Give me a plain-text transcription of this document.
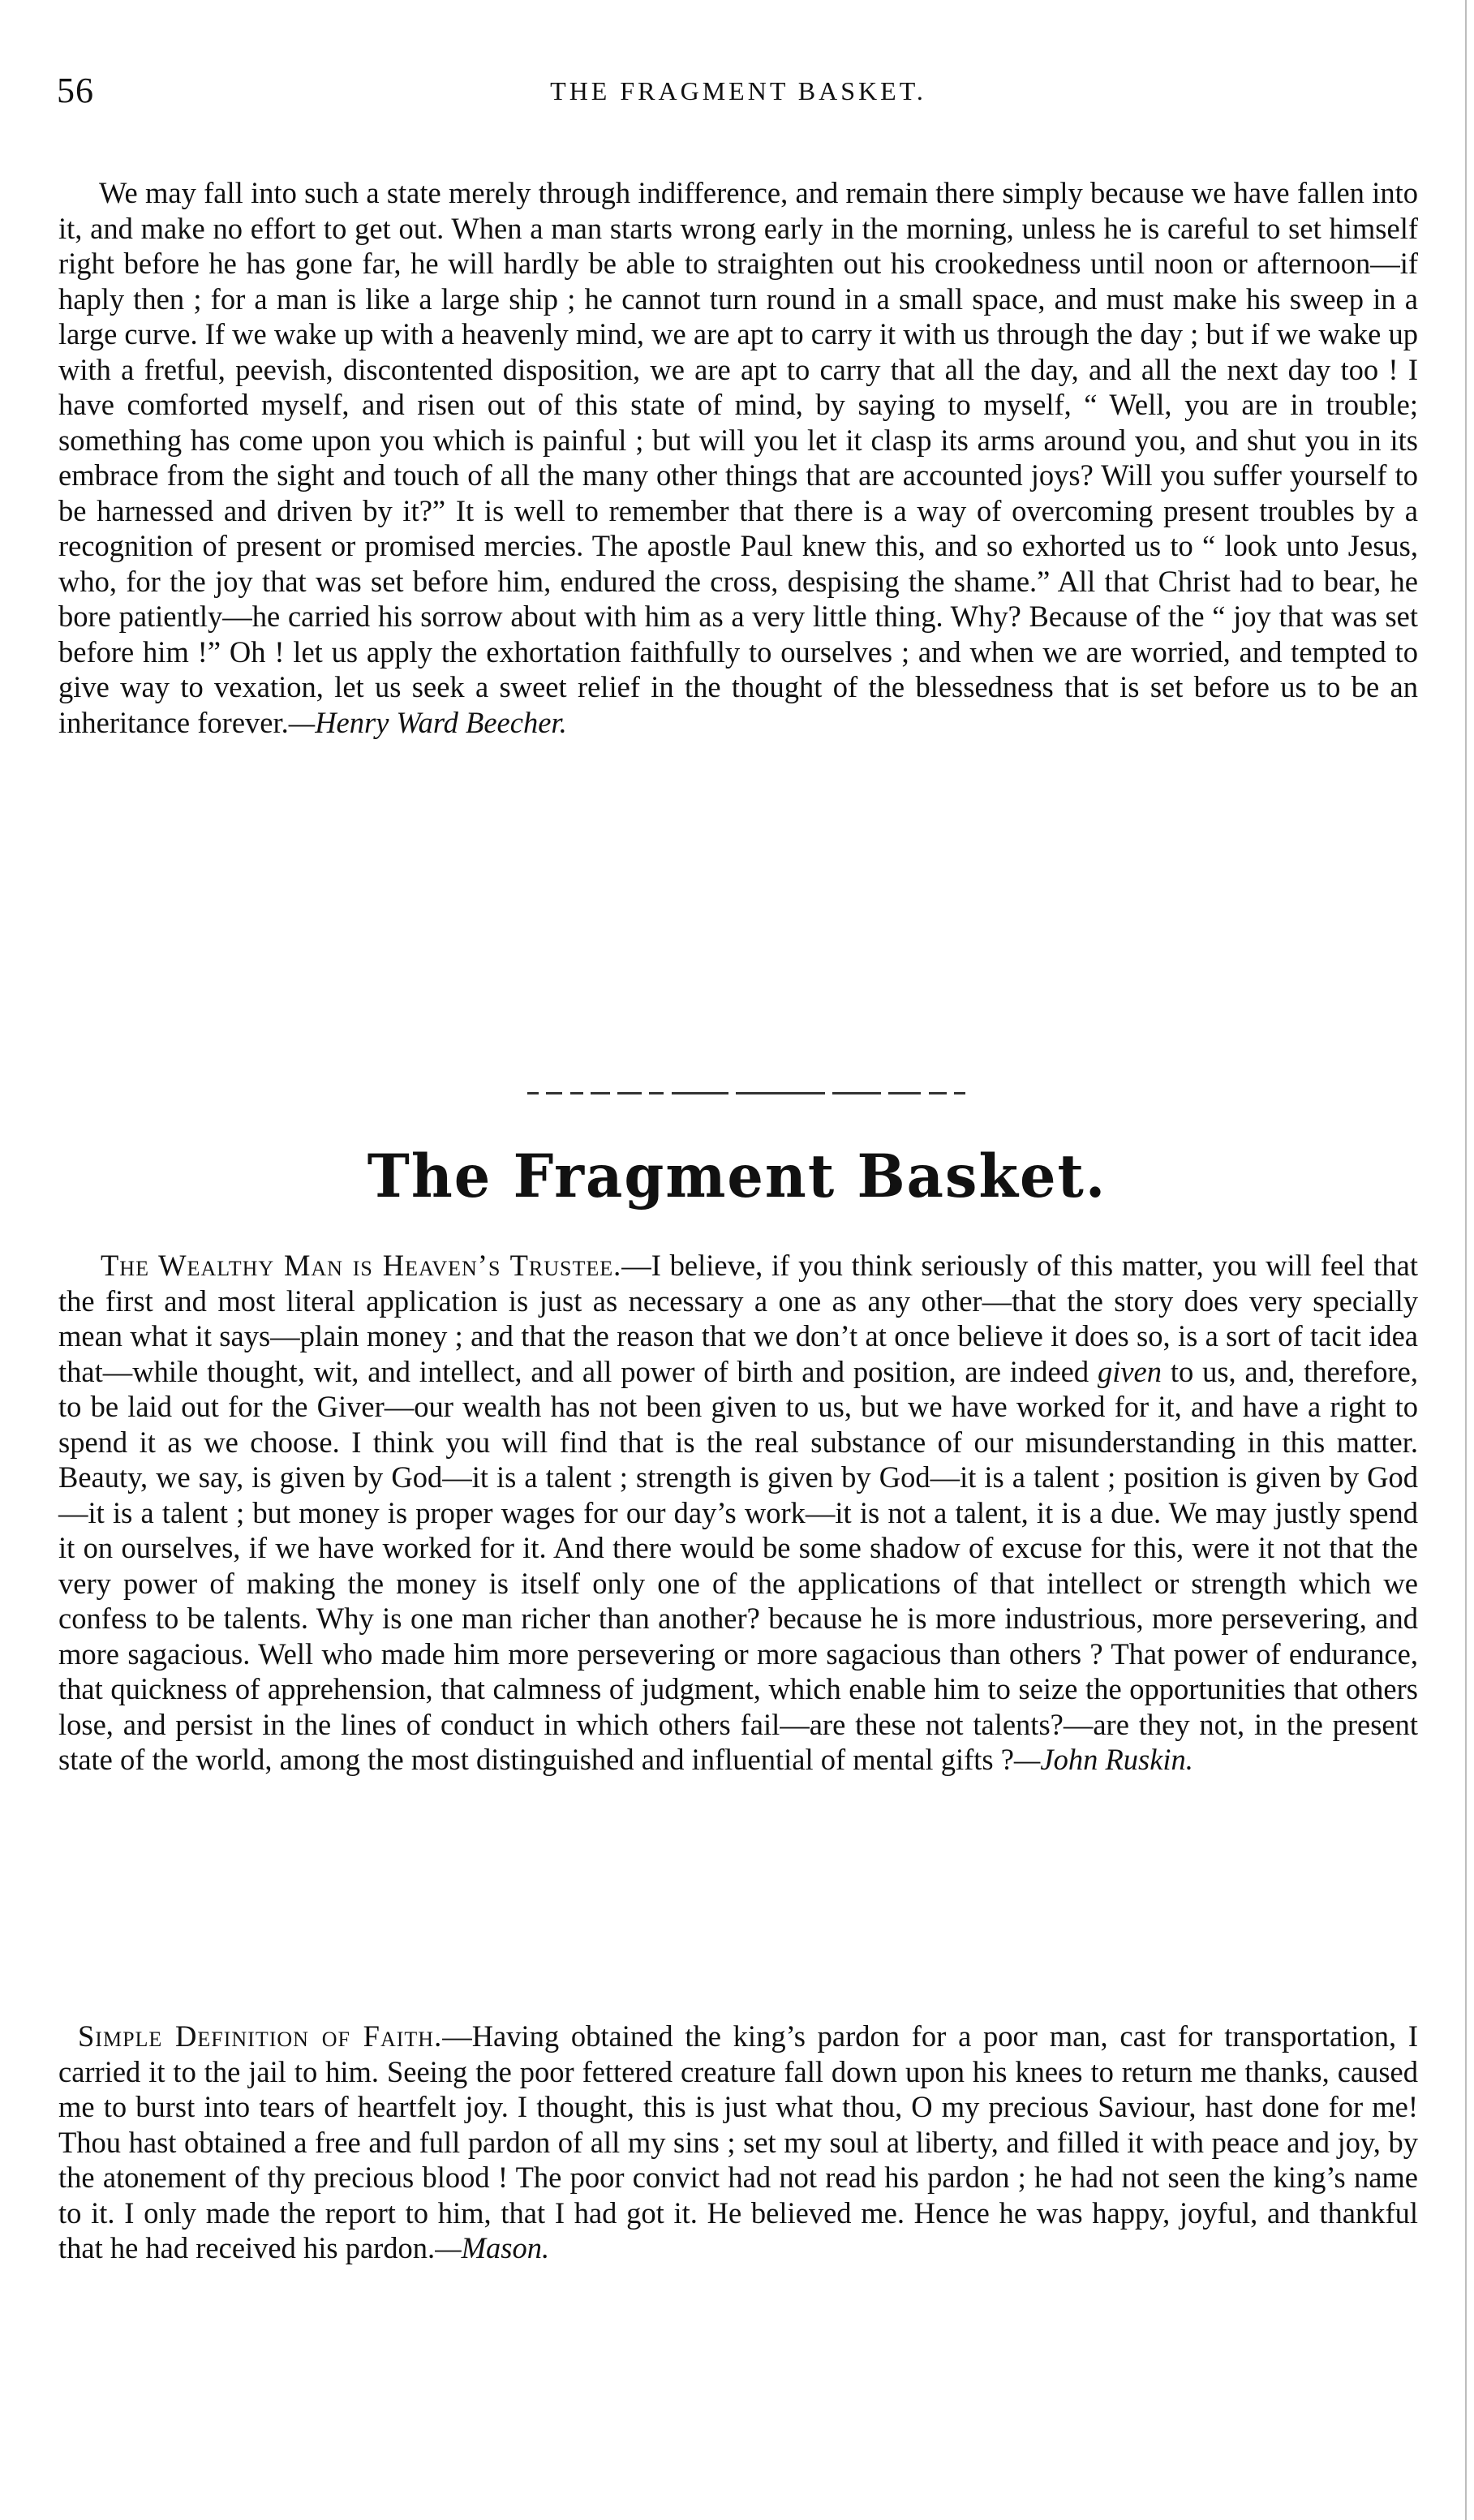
56	THE FRAGMENT BASKET.

We may fall into such a state merely through indifference, and remain there simply because we have fallen into it, and make no effort to get out. When a man starts wrong early in the morning, unless he is careful to set himself right before he has gone far, he will hardly be able to straighten out his crookedness until noon or afternoon—if haply then ; for a man is like a large ship ; he cannot turn round in a small space, and must make his sweep in a large curve. If we wake up with a heavenly mind, we are apt to carry it with us through the day ; but if we wake up with a fretful, peevish, discontented disposition, we are apt to carry that all the day, and all the next day too ! I have comforted myself, and risen out of this state of mind, by saying to myself, “ Well, you are in trouble; something has come upon you which is painful ; but will you let it clasp its arms around you, and shut you in its embrace from the sight and touch of all the many other things that are accounted joys? Will you suffer yourself to be harnessed and driven by it?” It is well to remember that there is a way of overcoming present troubles by a recognition of present or promised mercies. The apostle Paul knew this, and so exhorted us to “ look unto Jesus, who, for the joy that was set before him, endured the cross, despising the shame.” All that Christ had to bear, he bore patiently—he carried his sorrow about with him as a very little thing. Why? Because of the “ joy that was set before him !” Oh ! let us apply the exhortation faithfully to ourselves ; and when we are worried, and tempted to give way to vexation, let us seek a sweet relief in the thought of the blessedness that is set before us to be an inheritance forever.—Henry Ward Beecher.

The Fragment Basket.

The Wealthy Man is Heaven’s Trustee.—I believe, if you think seriously of this matter, you will feel that the first and most literal application is just as necessary a one as any other—that the story does very specially mean what it says—plain money ; and that the reason that we don’t at once believe it does so, is a sort of tacit idea that—while thought, wit, and intellect, and all power of birth and position, are indeed given to us, and, therefore, to be laid out for the Giver—our wealth has not been given to us, but we have worked for it, and have a right to spend it as we choose. I think you will find that is the real substance of our misunderstanding in this matter. Beauty, we say, is given by God—it is a talent ; strength is given by God—it is a talent ; position is given by God—it is a talent ; but money is proper wages for our day’s work—it is not a talent, it is a due. We may justly spend it on ourselves, if we have worked for it. And there would be some shadow of excuse for this, were it not that the very power of making the money is itself only one of the applications of that intellect or strength which we confess to be talents. Why is one man richer than another? because he is more industrious, more persevering, and more sagacious. Well who made him more persevering or more sagacious than others ? That power of endurance, that quickness of apprehension, that calmness of judgment, which enable him to seize the opportunities that others lose, and persist in the lines of conduct in which others fail—are these not talents?—are they not, in the present state of the world, among the most distinguished and influential of mental gifts ?—John Ruskin.

Simple Definition of Faith.—Having obtained the king’s pardon for a poor man, cast for transportation, I carried it to the jail to him. Seeing the poor fettered creature fall down upon his knees to return me thanks, caused me to burst into tears of heartfelt joy. I thought, this is just what thou, O my precious Saviour, hast done for me! Thou hast obtained a free and full pardon of all my sins ; set my soul at liberty, and filled it with peace and joy, by the atonement of thy precious blood ! The poor convict had not read his pardon ; he had not seen the king’s name to it. I only made the report to him, that I had got it. He believed me. Hence he was happy, joyful, and thankful that he had received his pardon.—Mason.
